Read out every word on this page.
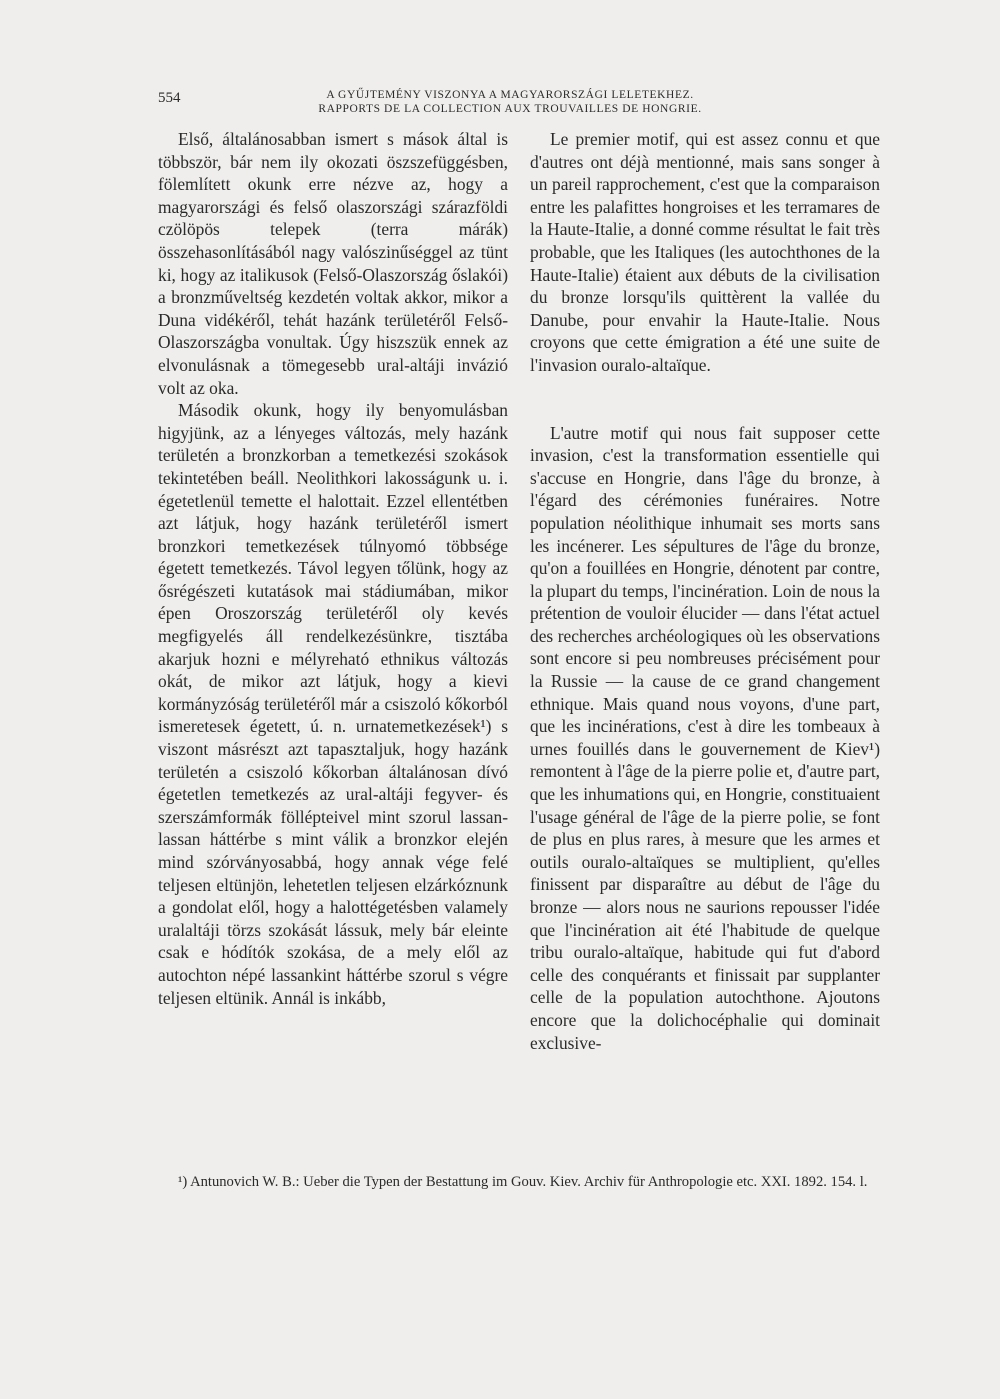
554	A GYŰJTEMÉNY VISZONYA A MAGYARORSZÁGI LELETEKHEZ.
RAPPORTS DE LA COLLECTION AUX TROUVAILLES DE HONGRIE.

Első, általánosabban ismert s mások által is többször, bár nem ily okozati öszszefüggésben, fölemlített okunk erre nézve az, hogy a magyarországi és felső olaszországi szárazföldi czölöpös telepek (terra márák) összehasonlításából nagy valószinűséggel az tünt ki, hogy az italikusok (Felső-Olaszország őslakói) a bronzműveltség kezdetén voltak akkor, mikor a Duna vidékéről, tehát hazánk területéről Felső-Olaszországba vonultak. Úgy hiszszük ennek az elvonulásnak a tömegesebb ural-altáji invázió volt az oka.

Második okunk, hogy ily benyomulásban higyjünk, az a lényeges változás, mely hazánk területén a bronzkorban a temetkezési szokások tekintetében beáll. Neolithkori lakosságunk u. i. égetetlenül temette el halottait. Ezzel ellentétben azt látjuk, hogy hazánk területéről ismert bronzkori temetkezések túlnyomó többsége égetett temetkezés. Távol legyen tőlünk, hogy az ősrégészeti kutatások mai stádiumában, mikor épen Oroszország területéről oly kevés megfigyelés áll rendelkezésünkre, tisztába akarjuk hozni e mélyreható ethnikus változás okát, de mikor azt látjuk, hogy a kievi kormányzóság területéről már a csiszoló kőkorból ismeretesek égetett, ú. n. urnatemetkezések¹) s viszont másrészt azt tapasztaljuk, hogy hazánk területén a csiszoló kőkorban általánosan dívó égetetlen temetkezés az ural-altáji fegyver- és szerszámformák föllépteivel mint szorul lassan-lassan háttérbe s mint válik a bronzkor elején mind szórványosabbá, hogy annak vége felé teljesen eltünjön, lehetetlen teljesen elzárkóznunk a gondolat elől, hogy a halottégetésben valamely uralaltáji törzs szokását lássuk, mely bár eleinte csak e hódítók szokása, de a mely elől az autochton népé lassankint háttérbe szorul s végre teljesen eltünik. Annál is inkább,

Le premier motif, qui est assez connu et que d'autres ont déjà mentionné, mais sans songer à un pareil rapprochement, c'est que la comparaison entre les palafittes hongroises et les terramares de la Haute-Italie, a donné comme résultat le fait très probable, que les Italiques (les autochthones de la Haute-Italie) étaient aux débuts de la civilisation du bronze lorsqu'ils quittèrent la vallée du Danube, pour envahir la Haute-Italie. Nous croyons que cette émigration a été une suite de l'invasion ouralo-altaïque.

L'autre motif qui nous fait supposer cette invasion, c'est la transformation essentielle qui s'accuse en Hongrie, dans l'âge du bronze, à l'égard des cérémonies funéraires. Notre population néolithique inhumait ses morts sans les incénerer. Les sépultures de l'âge du bronze, qu'on a fouillées en Hongrie, dénotent par contre, la plupart du temps, l'incinération. Loin de nous la prétention de vouloir élucider — dans l'état actuel des recherches archéologiques où les observations sont encore si peu nombreuses précisément pour la Russie — la cause de ce grand changement ethnique. Mais quand nous voyons, d'une part, que les incinérations, c'est à dire les tombeaux à urnes fouillés dans le gouvernement de Kiev¹) remontent à l'âge de la pierre polie et, d'autre part, que les inhumations qui, en Hongrie, constituaient l'usage général de l'âge de la pierre polie, se font de plus en plus rares, à mesure que les armes et outils ouralo-altaïques se multiplient, qu'elles finissent par disparaître au début de l'âge du bronze — alors nous ne saurions repousser l'idée que l'incinération ait été l'habitude de quelque tribu ouralo-altaïque, habitude qui fut d'abord celle des conquérants et finissait par supplanter celle de la population autochthone. Ajoutons encore que la dolichocéphalie qui dominait exclusive-

¹) Antunovich W. B.: Ueber die Typen der Bestattung im Gouv. Kiev. Archiv für Anthropologie etc. XXI. 1892. 154. l.
